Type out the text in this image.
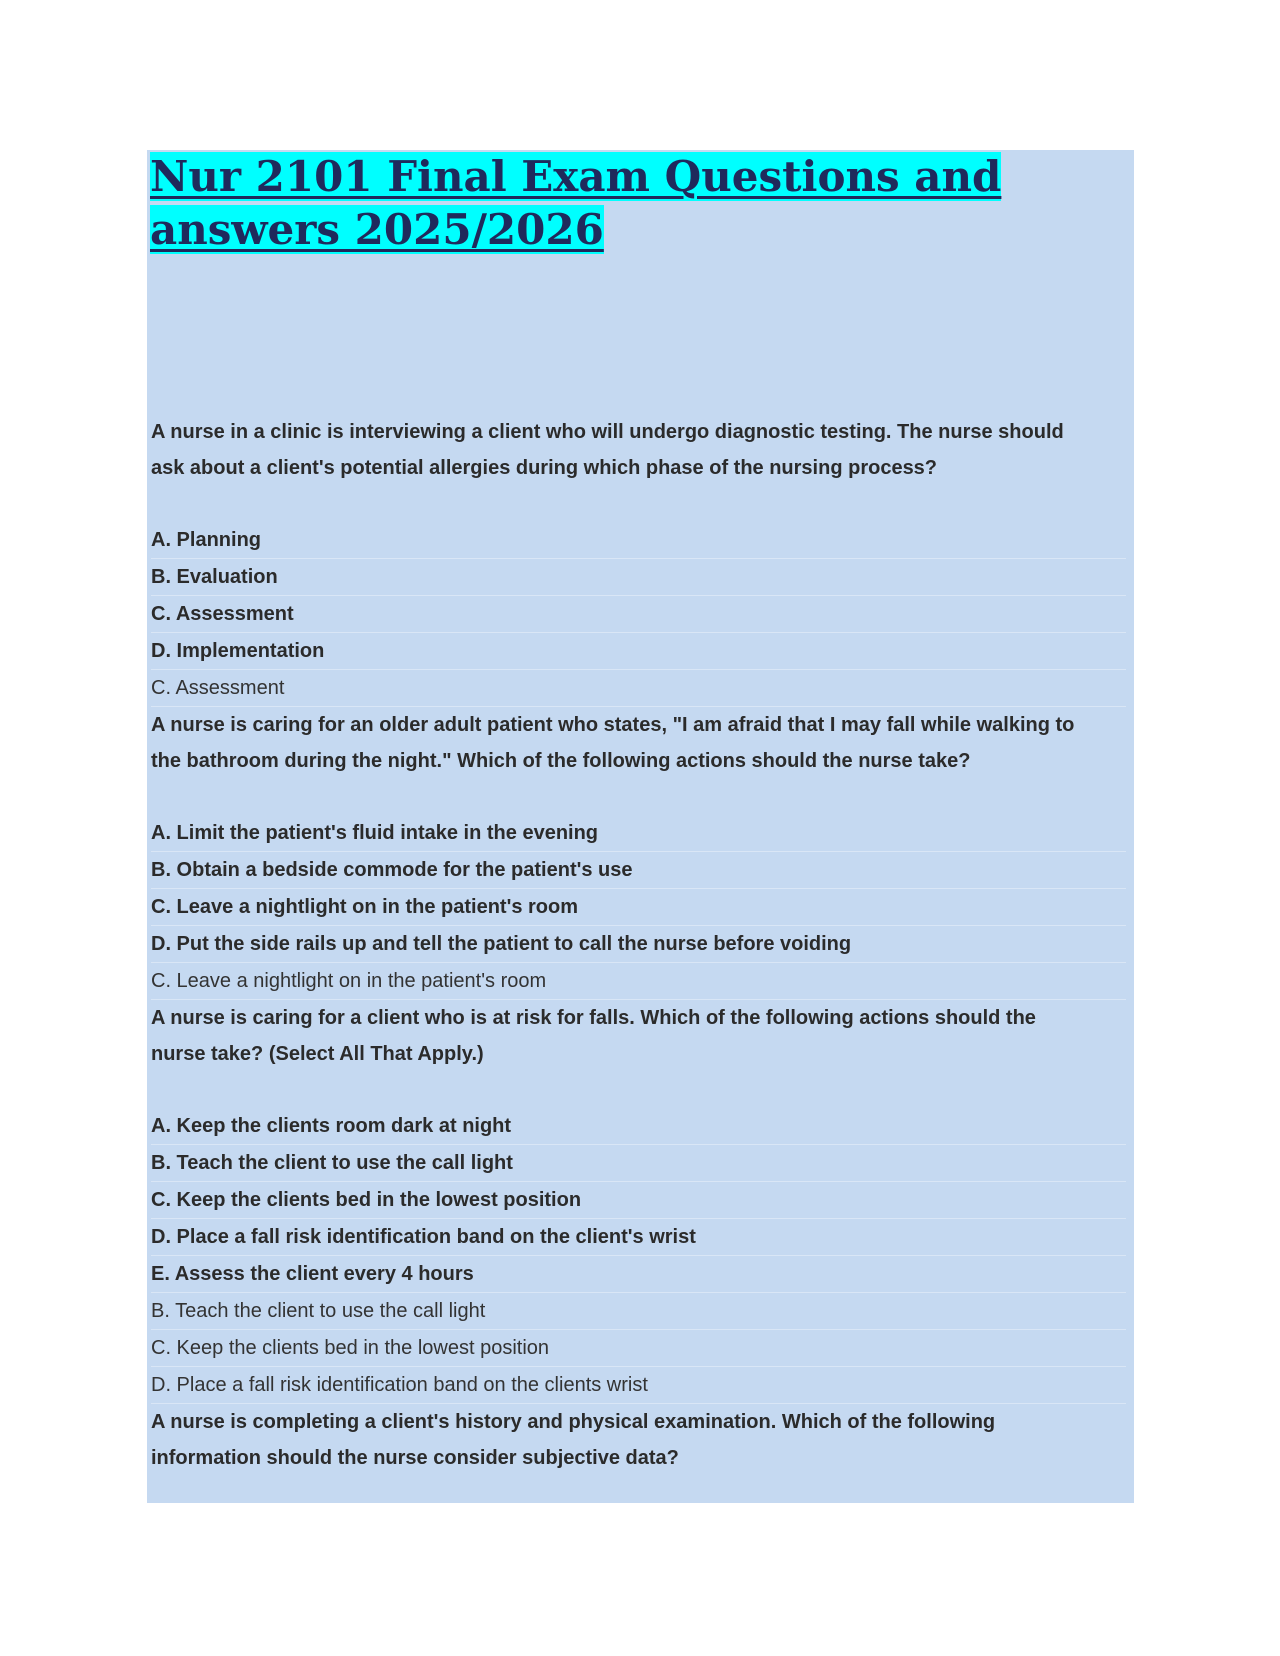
Nur 2101 Final Exam Questions and answers 2025/2026
A nurse in a clinic is interviewing a client who will undergo diagnostic testing. The nurse should
ask about a client's potential allergies during which phase of the nursing process?
A. Planning
B. Evaluation
C. Assessment
D. Implementation
C. Assessment
A nurse is caring for an older adult patient who states, "I am afraid that I may fall while walking to
the bathroom during the night." Which of the following actions should the nurse take?
A. Limit the patient's fluid intake in the evening
B. Obtain a bedside commode for the patient's use
C. Leave a nightlight on in the patient's room
D. Put the side rails up and tell the patient to call the nurse before voiding
C. Leave a nightlight on in the patient's room
A nurse is caring for a client who is at risk for falls. Which of the following actions should the
nurse take? (Select All That Apply.)
A. Keep the clients room dark at night
B. Teach the client to use the call light
C. Keep the clients bed in the lowest position
D. Place a fall risk identification band on the client's wrist
E. Assess the client every 4 hours
B. Teach the client to use the call light
C. Keep the clients bed in the lowest position
D. Place a fall risk identification band on the clients wrist
A nurse is completing a client's history and physical examination. Which of the following
information should the nurse consider subjective data?
